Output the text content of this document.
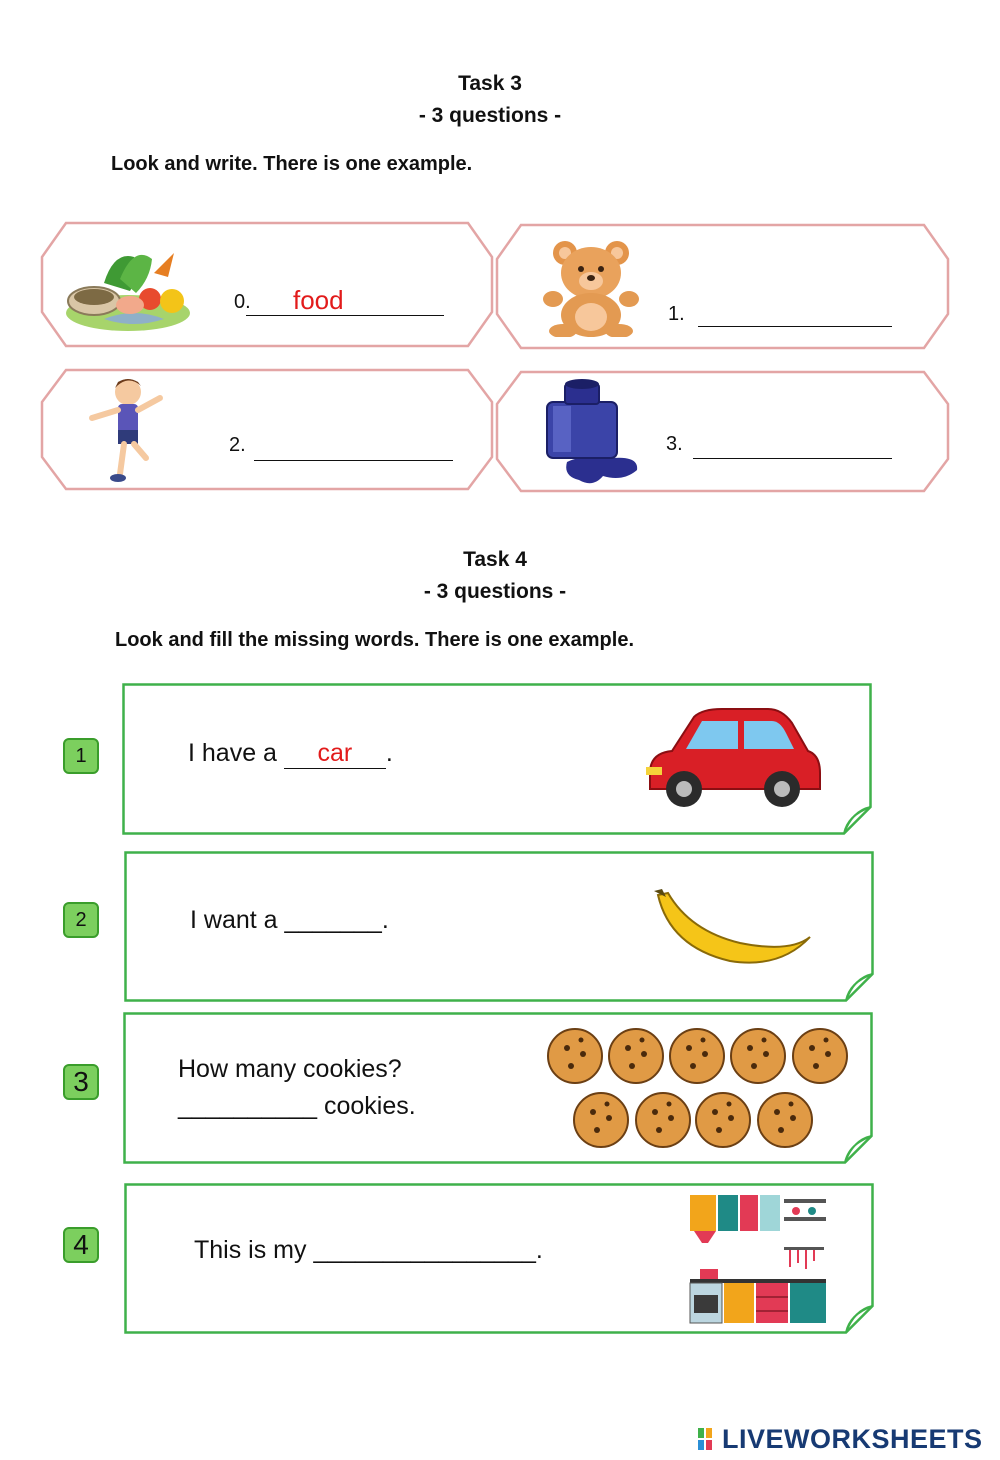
Task 3
- 3 questions -
Look and write. There is one example.
0. food	1.
2.	3.
Task 4
- 3 questions -
Look and fill the missing words. There is one example.
1	I have a car .
2	I want a _______.
3	How many cookies?
__________ cookies.
4	This is my ________________.
LIVEWORKSHEETS
